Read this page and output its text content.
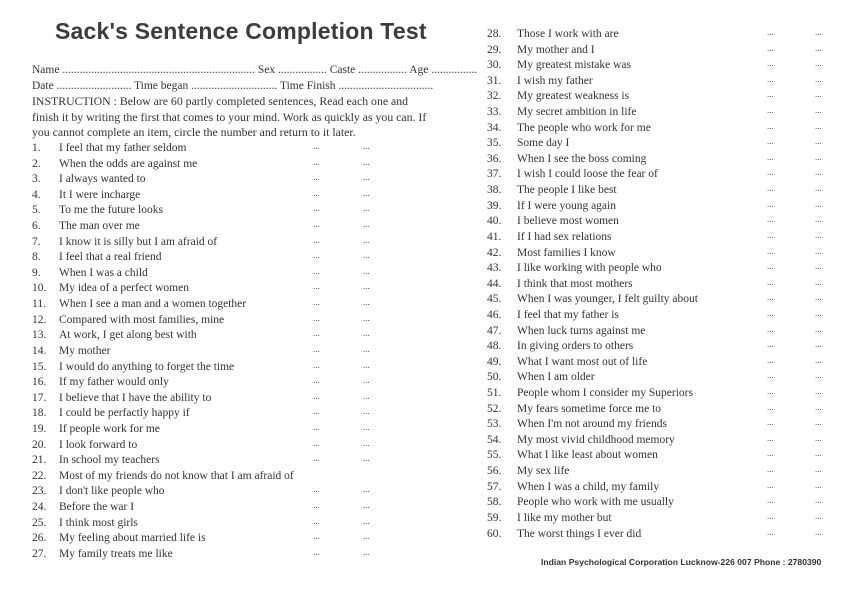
Sack's Sentence Completion Test
Name ................................................................... Sex ................. Caste ................. Age ................
Date .......................... Time began .............................. Time Finish .................................
INSTRUCTION : Below are 60 partly completed sentences, Read each one and finish it by writing the first that comes to your mind. Work as quickly as you can. If you cannot complete an item, circle the number and return to it later.
1.	I feel that my father seldom	...	...
2.	When the odds are against me	...	...
3.	I always wanted to	...	...
4.	It I were incharge	...	...
5.	To me the future looks	...	...
6.	The man over me	...	...
7.	I know it is silly but I am afraid of	...	...
8.	I feel that a real friend	...	...
9.	When I was a child	...	...
10.	My idea of a perfect women	...	...
11.	When I see a man and a women together	...	...
12.	Compared with most families, mine	...	...
13.	At work, I get along best with	...	...
14.	My mother	...	...
15.	I would do anything to forget the time	...	...
16.	If my father would only	...	...
17.	I believe that I have the ability to	...	...
18.	I could be perfactly happy if	...	...
19.	If people work for me	...	...
20.	I look forward to	...	...
21.	In school my teachers	...	...
22.	Most of my friends do not know that I am afraid of
23.	I don't like people who	...	...
24.	Before the war I	...	...
25.	I think most girls	...	...
26.	My feeling about married life is	...	...
27.	My family treats me like	...	...
28.	Those I work with are	...	...
29.	My mother and I	...	...
30.	My greatest mistake was	...	...
31.	I wish my father	...	...
32.	My greatest weakness is	...	...
33.	My secret ambition in life	...	...
34.	The people who work for me	...	...
35.	Some day I	...	...
36.	When I see the boss coming	...	...
37.	I wish I could loose the fear of	...	...
38.	The people I like best	...	...
39.	If I were young again	...	...
40.	I believe most women	...	...
41.	If I had sex relations	...	...
42.	Most families I know	...	...
43.	I like working with people who	...	...
44.	I think that most mothers	...	...
45.	When I was younger, I felt guilty about	...	...
46.	I feel that my father is	...	...
47.	When luck turns against me	...	...
48.	In giving orders to others	...	...
49.	What I want most out of life	...	...
50.	When I am older	...	...
51.	People whom I consider my Superiors	...	...
52.	My fears sometime force me to	...	...
53.	When I'm not around my friends	...	...
54.	My most vivid childhood memory	...	...
55.	What I like least about women	...	...
56.	My sex life	...	...
57.	When I was a child, my family	...	...
58.	People who work with me usually	...	...
59.	I like my mother but	...	...
60.	The worst things I ever did	...	...
Indian Psychological Corporation Lucknow-226 007 Phone : 2780390
